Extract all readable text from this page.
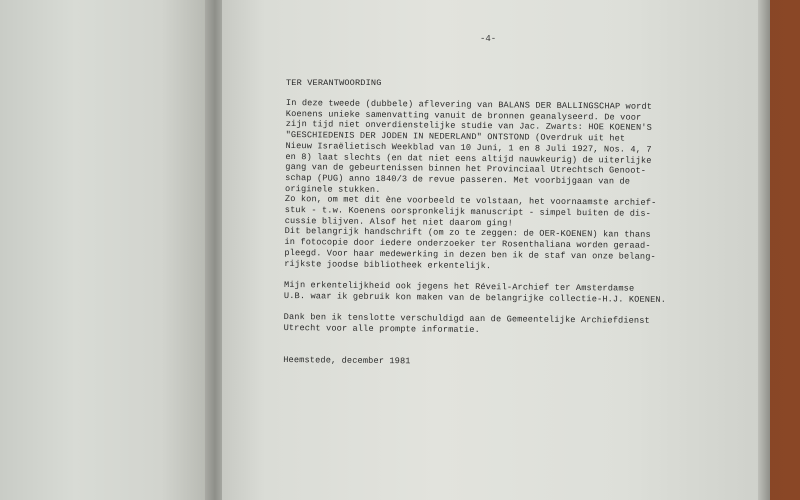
-4-
TER VERANTWOORDING
In deze tweede (dubbele) aflevering van BALANS DER BALLINGSCHAP wordt
Koenens unieke samenvatting vanuit de bronnen geanalyseerd. De voor
zijn tijd niet onverdienstelijke studie van Jac. Zwarts: HOE KOENEN'S
"GESCHIEDENIS DER JODEN IN NEDERLAND" ONTSTOND (Overdruk uit het
Nieuw Israëlietisch Weekblad van 10 Juni, 1 en 8 Juli 1927, Nos. 4, 7
en 8) laat slechts (en dat niet eens altijd nauwkeurig) de uiterlijke
gang van de gebeurtenissen binnen het Provinciaal Utrechtsch Genoot-
schap (PUG) anno 1840/3 de revue passeren. Met voorbijgaan van de
originele stukken.
Zo kon, om met dit ène voorbeeld te volstaan, het voornaamste archief-
stuk - t.w. Koenens oorspronkelijk manuscript - simpel buiten de dis-
cussie blijven. Alsof het niet daarom ging!
Dit belangrijk handschrift (om zo te zeggen: de OER-KOENEN) kan thans
in fotocopie door iedere onderzoeker ter Rosenthaliana worden geraad-
pleegd. Voor haar medewerking in dezen ben ik de staf van onze belang-
rijkste joodse bibliotheek erkentelijk.
Mijn erkentelijkheid ook jegens het Réveil-Archief ter Amsterdamse
U.B. waar ik gebruik kon maken van de belangrijke collectie-H.J. KOENEN.
Dank ben ik tenslotte verschuldigd aan de Gemeentelijke Archiefdienst
Utrecht voor alle prompte informatie.
Heemstede, december 1981
